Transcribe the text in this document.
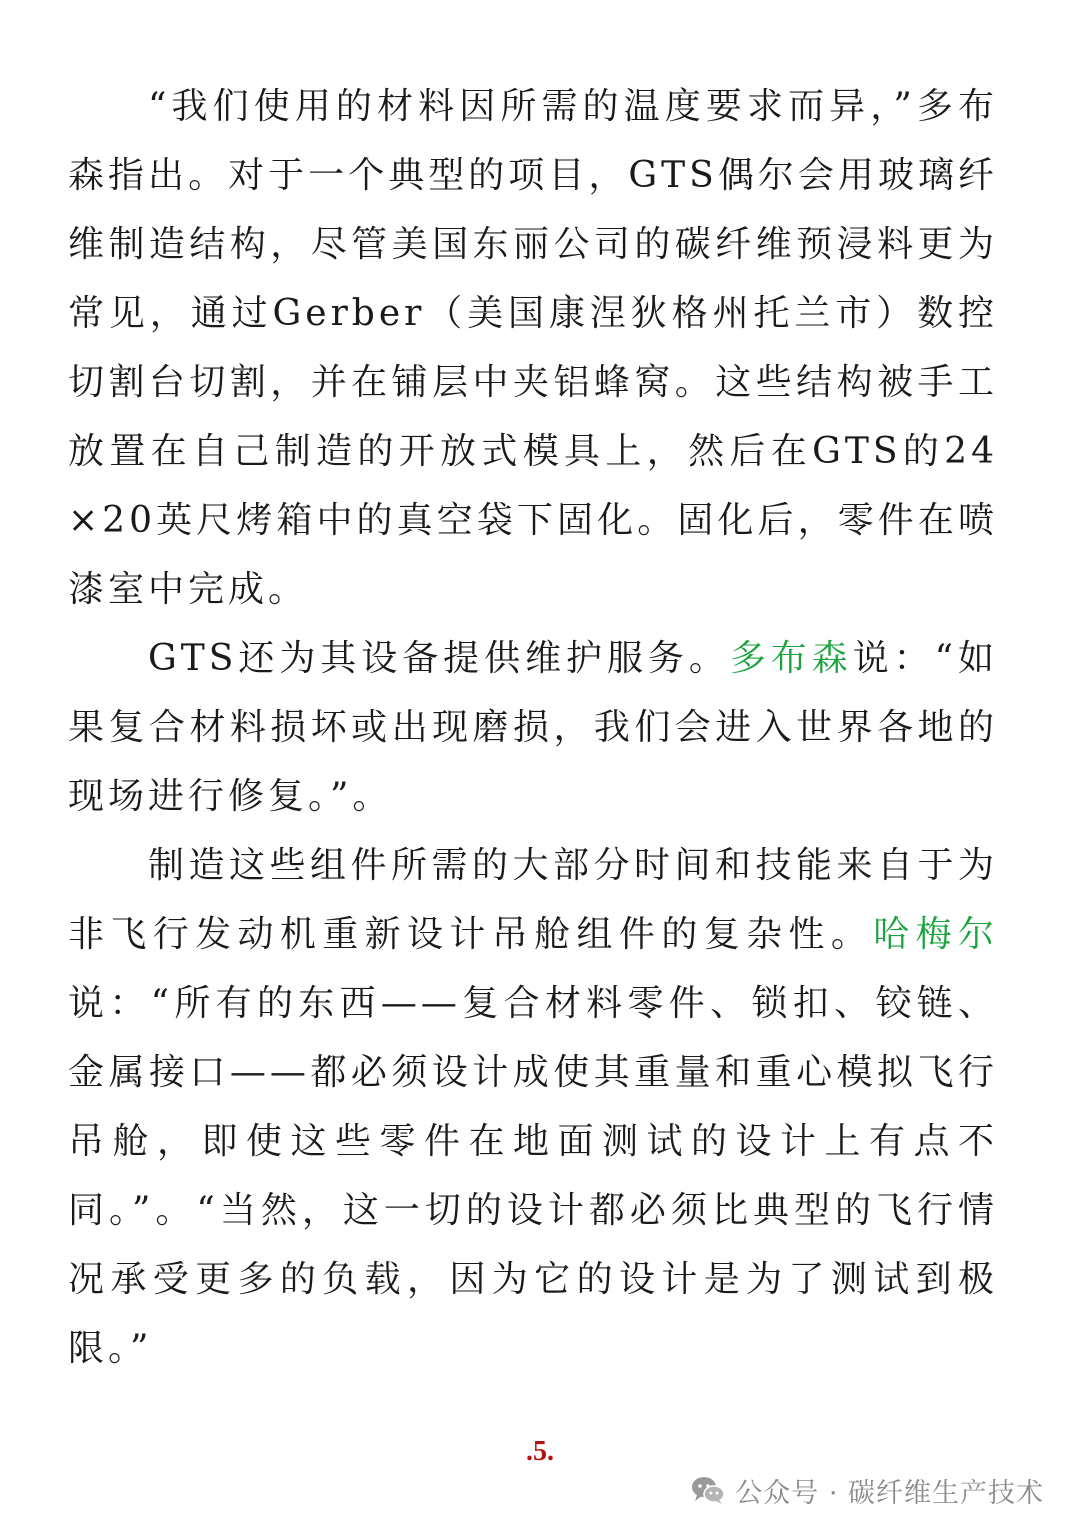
“我们使用的材料因所需的温度要求而异，”多布森指出。对于一个典型的项目，GTS偶尔会用玻璃纤维制造结构，尽管美国东丽公司的碳纤维预浸料更为常见，通过Gerber（美国康涅狄格州托兰市）数控切割台切割，并在铺层中夹铝蜂窝。这些结构被手工放置在自己制造的开放式模具上，然后在GTS的24×20英尺烤箱中的真空袋下固化。固化后，零件在喷漆室中完成。

GTS还为其设备提供维护服务。多布森说：“如果复合材料损坏或出现磨损，我们会进入世界各地的现场进行修复。”。

制造这些组件所需的大部分时间和技能来自于为非飞行发动机重新设计吊舱组件的复杂性。哈梅尔说：“所有的东西——复合材料零件、锁扣、铰链、金属接口——都必须设计成使其重量和重心模拟飞行吊舱，即使这些零件在地面测试的设计上有点不同。”。“当然，这一切的设计都必须比典型的飞行情况承受更多的负载，因为它的设计是为了测试到极限。”

.5.
公众号 · 碳纤维生产技术
